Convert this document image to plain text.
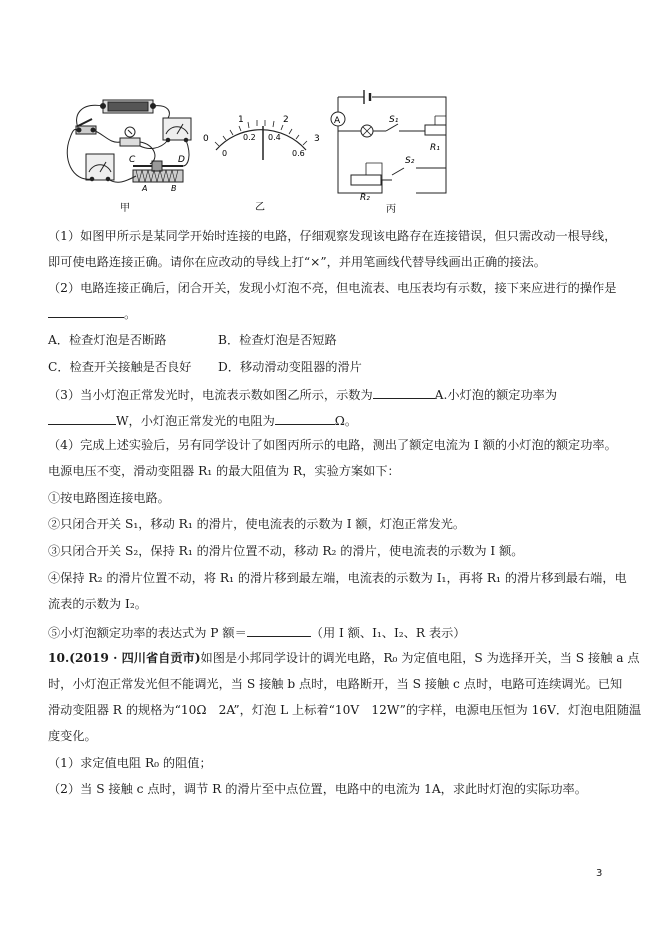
C	D
A	B
甲
0
1	2
3
0
0.2 0.4
0.6
乙
A	S₁
R₁
S₂
R₂
丙
（1）如图甲所示是某同学开始时连接的电路，仔细观察发现该电路存在连接错误，但只需改动一根导线，
即可使电路连接正确。请你在应改动的导线上打“×”，并用笔画线代替导线画出正确的接法。
（2）电路连接正确后，闭合开关，发现小灯泡不亮，但电流表、电压表均有示数，接下来应进行的操作是
。
A．检查灯泡是否断路	B．检查灯泡是否短路
C．检查开关接触是否良好 D．移动滑动变阻器的滑片
（3）当小灯泡正常发光时，电流表示数如图乙所示，示数为	A.小灯泡的额定功率为
W，小灯泡正常发光的电阻为	Ω。
（4）完成上述实验后，另有同学设计了如图丙所示的电路，测出了额定电流为 I 额的小灯泡的额定功率。
电源电压不变，滑动变阻器 R₁ 的最大阻值为 R，实验方案如下：
①按电路图连接电路。
②只闭合开关 S₁，移动 R₁ 的滑片，使电流表的示数为 I 额，灯泡正常发光。
③只闭合开关 S₂，保持 R₁ 的滑片位置不动，移动 R₂ 的滑片，使电流表的示数为 I 额。
④保持 R₂ 的滑片位置不动，将 R₁ 的滑片移到最左端，电流表的示数为 I₁，再将 R₁ 的滑片移到最右端，电
流表的示数为 I₂。
⑤小灯泡额定功率的表达式为 P 额＝	（用 I 额、I₁、I₂、R 表示）
10.(2019 · 四川省自贡市)如图是小邦同学设计的调光电路，R₀ 为定值电阻，S 为选择开关，当 S 接触 a 点
时，小灯泡正常发光但不能调光，当 S 接触 b 点时，电路断开，当 S 接触 c 点时，电路可连续调光。已知
滑动变阻器 R 的规格为“10Ω　2A”，灯泡 L 上标着“10V　12W”的字样，电源电压恒为 16V．灯泡电阻随温
度变化。
（1）求定值电阻 R₀ 的阻值；
（2）当 S 接触 c 点时，调节 R 的滑片至中点位置，电路中的电流为 1A，求此时灯泡的实际功率。
3
